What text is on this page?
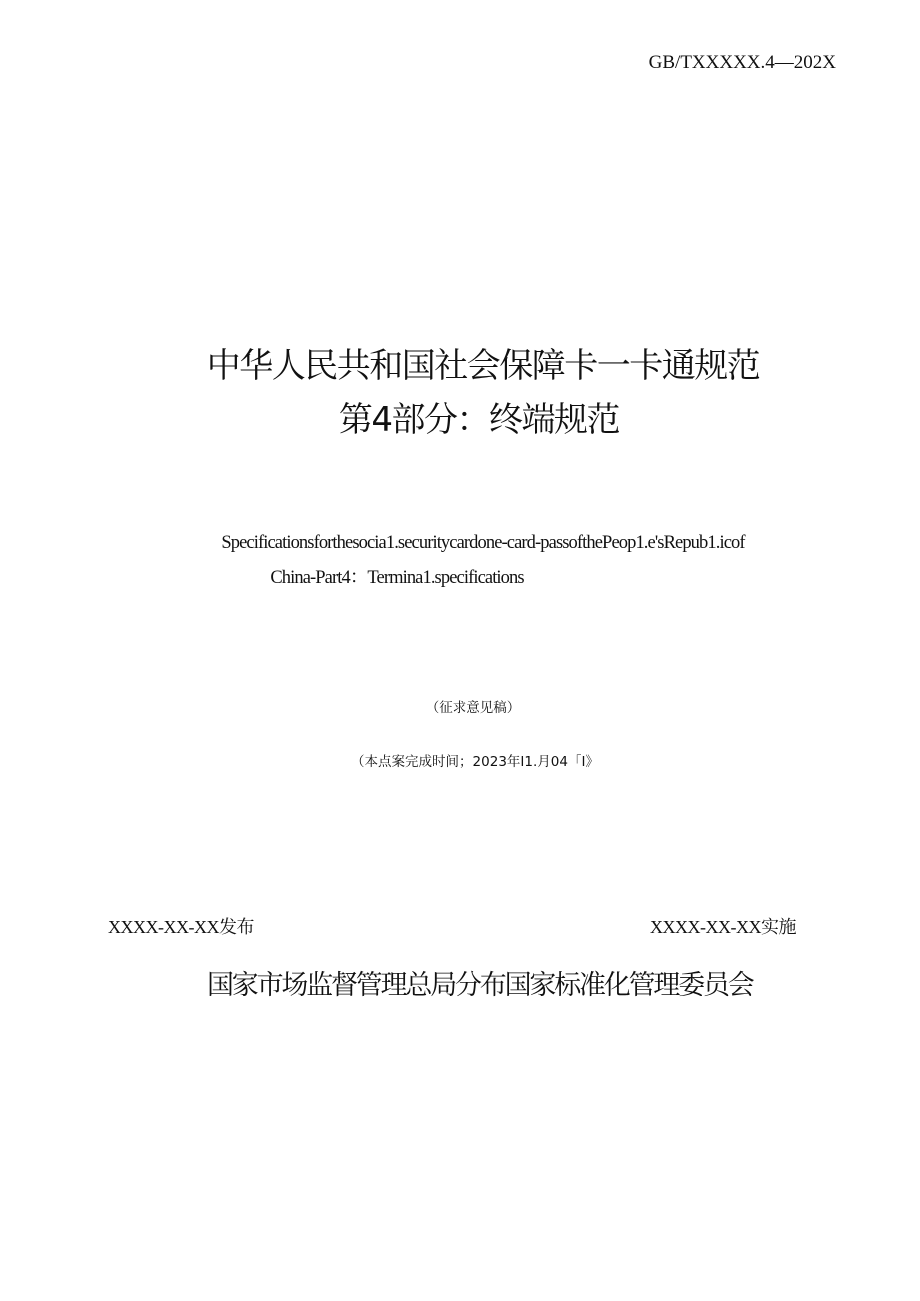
GB/TXXXXX.4—202X
中华人民共和国社会保障卡一卡通规范
第4部分：终端规范
Specificationsforthesocia1.securitycardone-card-passofthePeop1.e'sRepub1.icof
China-Part4：Termina1.specifications
（征求意见稿）
（本点案完成时间；2023年I1.月04「I》
XXXX-XX-XX发布	XXXX-XX-XX实施
国家市场监督管理总局分布国家标准化管理委员会
